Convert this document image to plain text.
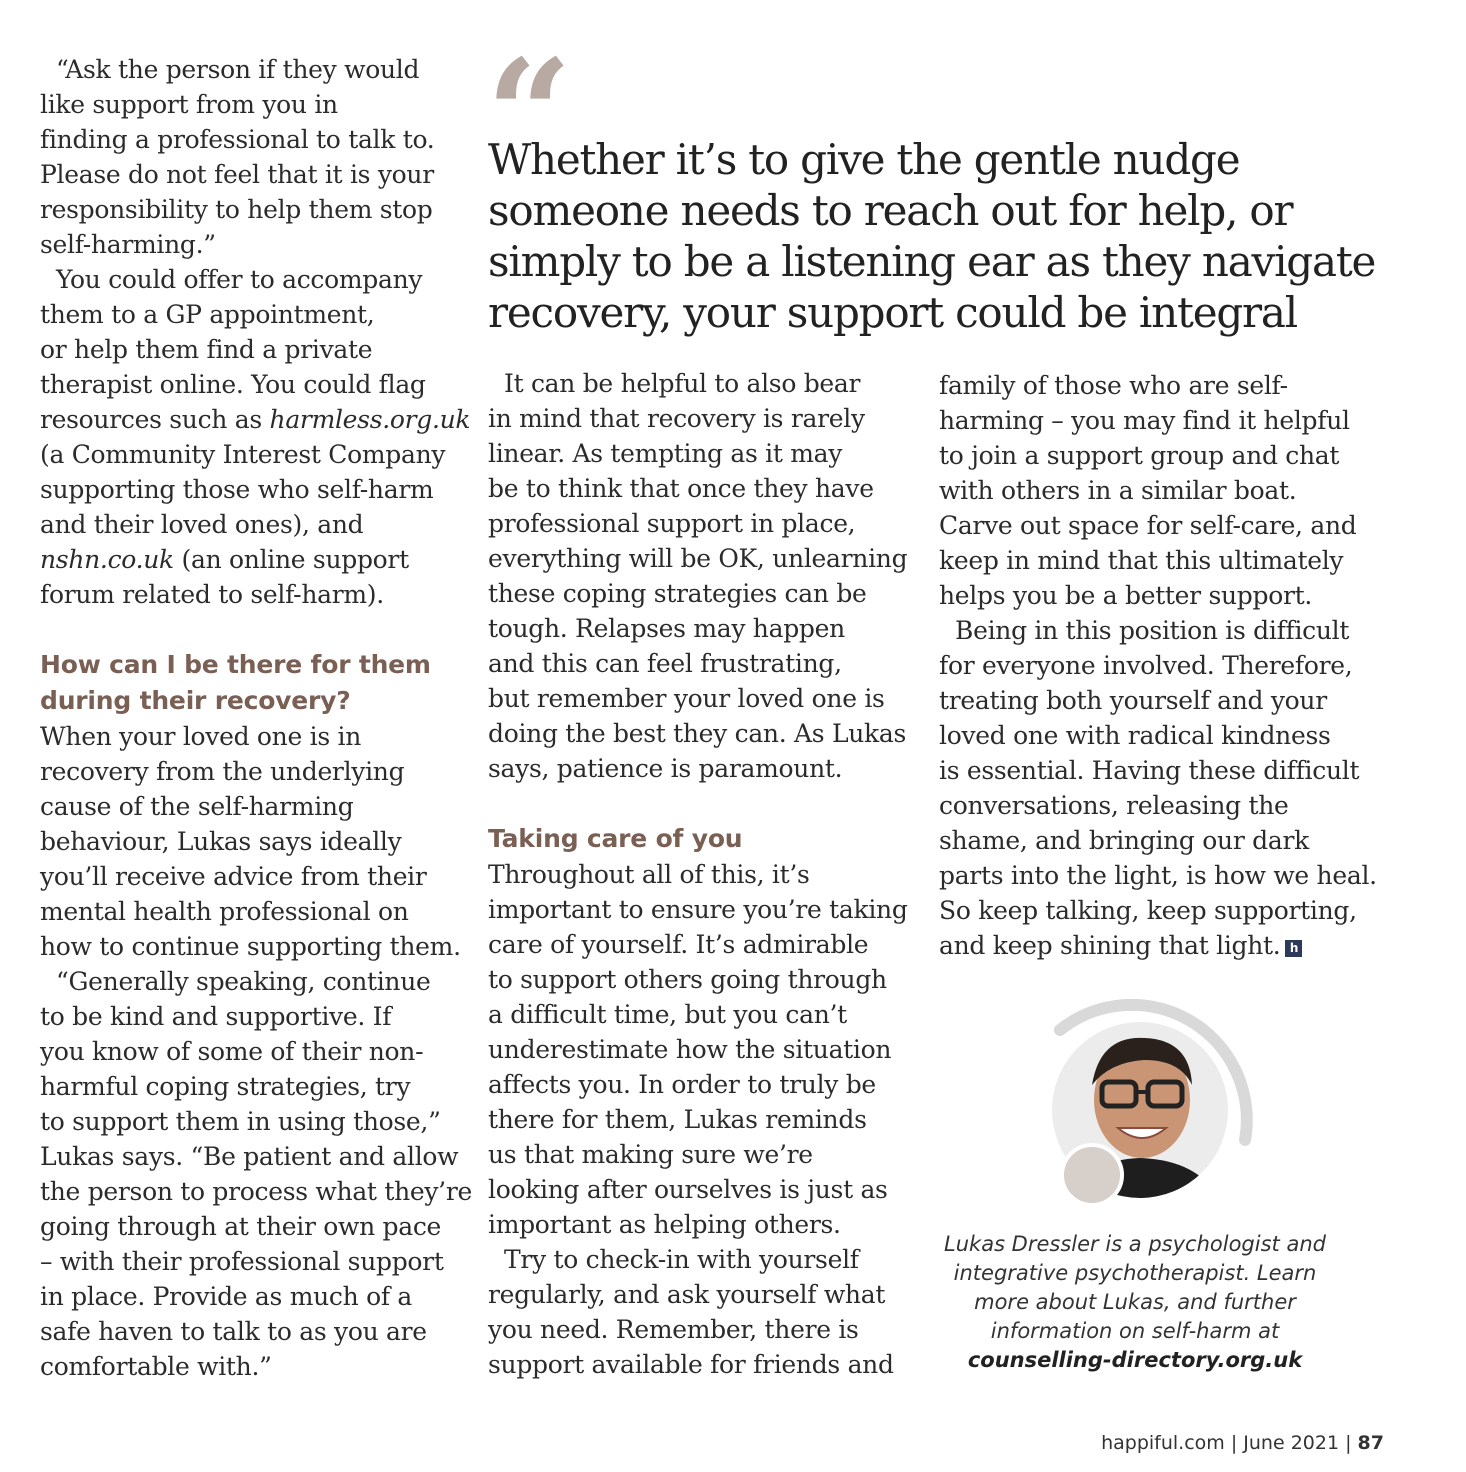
“
Whether it’s to give the gentle nudge
someone needs to reach out for help, or
simply to be a listening ear as they navigate
recovery, your support could be integral

“Ask the person if they would
like support from you in
finding a professional to talk to.
Please do not feel that it is your
responsibility to help them stop
self-harming.”

You could offer to accompany
them to a GP appointment,
or help them find a private
therapist online. You could flag
resources such as harmless.org.uk
(a Community Interest Company
supporting those who self-harm
and their loved ones), and
nshn.co.uk (an online support
forum related to self-harm).

How can I be there for them
during their recovery?

When your loved one is in
recovery from the underlying
cause of the self-harming
behaviour, Lukas says ideally
you’ll receive advice from their
mental health professional on
how to continue supporting them.

“Generally speaking, continue
to be kind and supportive. If
you know of some of their non-
harmful coping strategies, try
to support them in using those,”
Lukas says. “Be patient and allow
the person to process what they’re
going through at their own pace
– with their professional support
in place. Provide as much of a
safe haven to talk to as you are
comfortable with.”

It can be helpful to also bear
in mind that recovery is rarely
linear. As tempting as it may
be to think that once they have
professional support in place,
everything will be OK, unlearning
these coping strategies can be
tough. Relapses may happen
and this can feel frustrating,
but remember your loved one is
doing the best they can. As Lukas
says, patience is paramount.

Taking care of you

Throughout all of this, it’s
important to ensure you’re taking
care of yourself. It’s admirable
to support others going through
a difficult time, but you can’t
underestimate how the situation
affects you. In order to truly be
there for them, Lukas reminds
us that making sure we’re
looking after ourselves is just as
important as helping others.

Try to check-in with yourself
regularly, and ask yourself what
you need. Remember, there is
support available for friends and

family of those who are self-
harming – you may find it helpful
to join a support group and chat
with others in a similar boat.
Carve out space for self-care, and
keep in mind that this ultimately
helps you be a better support.

Being in this position is difficult
for everyone involved. Therefore,
treating both yourself and your
loved one with radical kindness
is essential. Having these difficult
conversations, releasing the
shame, and bringing our dark
parts into the light, is how we heal.
So keep talking, keep supporting,
and keep shining that light. h

Lukas Dressler is a psychologist and
integrative psychotherapist. Learn
more about Lukas, and further
information on self-harm at
counselling-directory.org.uk
happiful.com | June 2021 | 87
